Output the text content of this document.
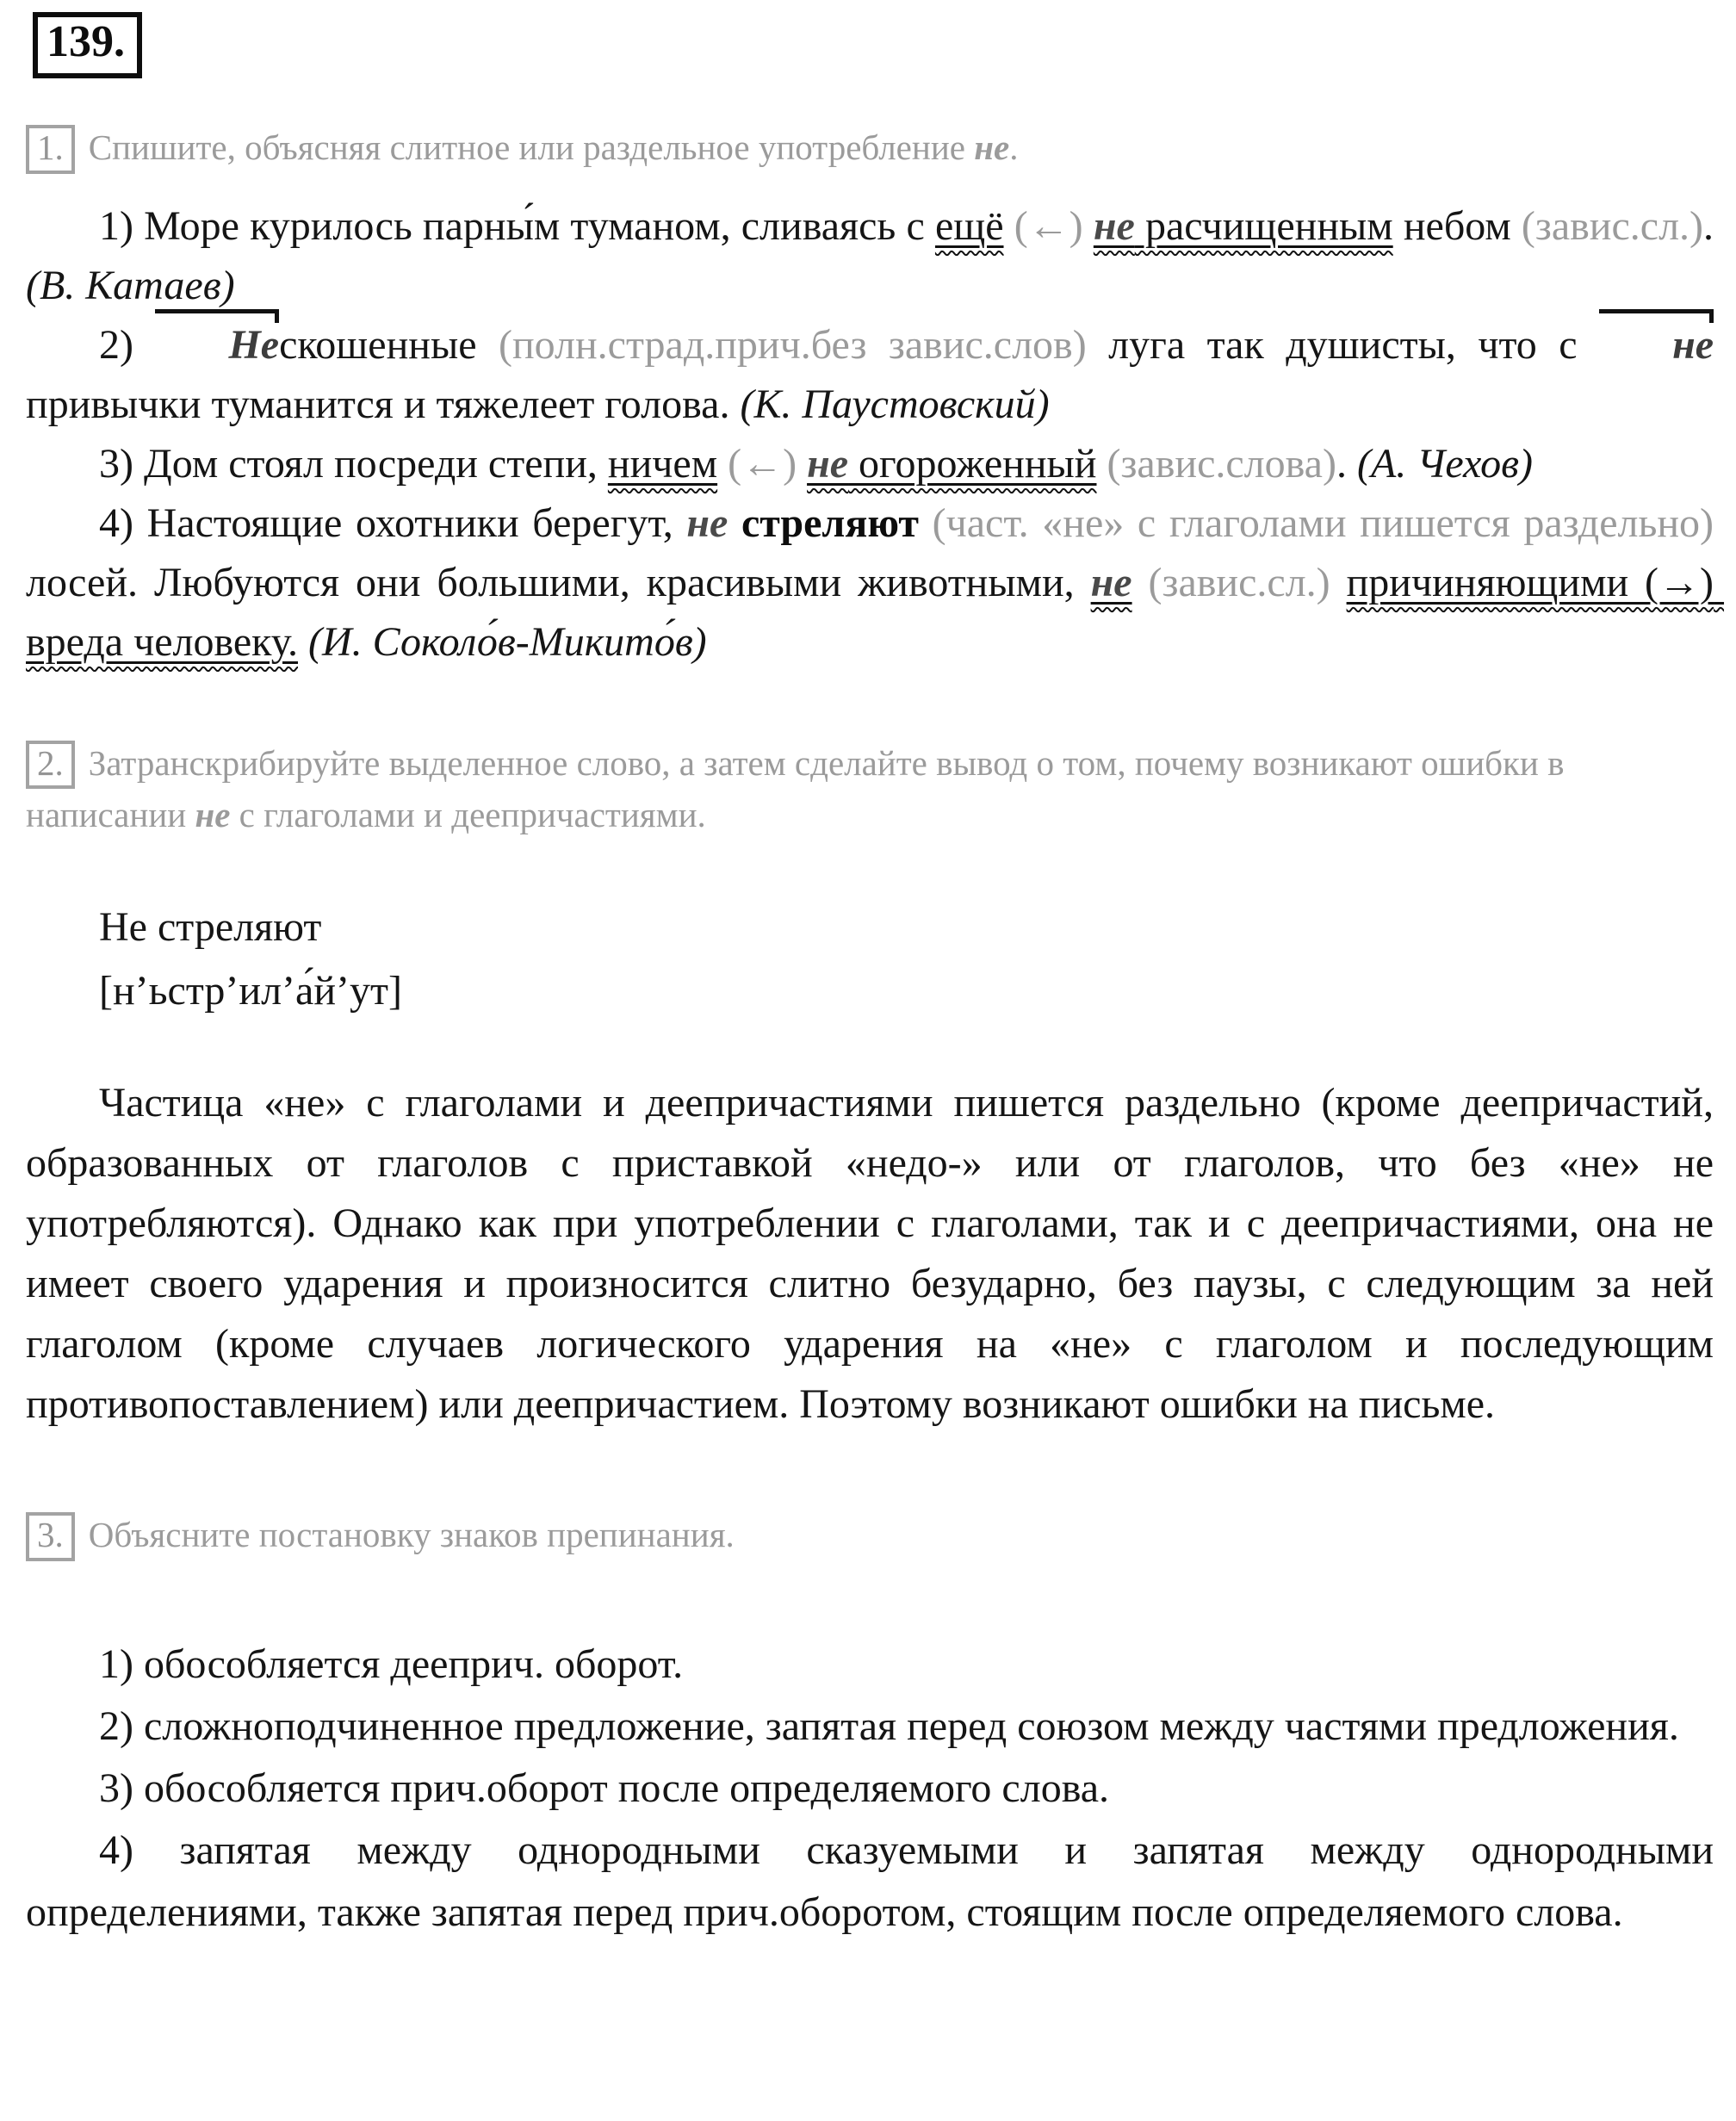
139.

1. Спишите, объясняя слитное или раздельное употребление не.

1) Море курилось парны́м туманом, сливаясь с ещё (←) не расчищенным небом (завис.сл.). (В. Катаев)

2) Нескошенные (полн.страд.прич.без завис.слов) луга так душисты, что с непривычки туманится и тяжелеет голова. (К. Паустовский)

3) Дом стоял посреди степи, ничем (←) не огороженный (завис.слова). (А. Чехов)

4) Настоящие охотники берегут, не стреляют (част. «не» с глаголами пишется раздельно) лосей. Любуются они большими, красивыми животными, не (завис.сл.) причиняющими (→) вреда человеку. (И. Соколо́в-Микито́в)

2. Затранскрибируйте выделенное слово, а затем сделайте вывод о том, почему возникают ошибки в написании не с глаголами и деепричастиями.

Не стреляют

[н’ьстр’ил’а́й’ут]

Частица «не» с глаголами и деепричастиями пишется раздельно (кроме деепричастий, образованных от глаголов с приставкой «недо-» или от глаголов, что без «не» не употребляются). Однако как при употреблении с глаголами, так и с деепричастиями, она не имеет своего ударения и произносится слитно безударно, без паузы, с следующим за ней глаголом (кроме случаев логического ударения на «не» с глаголом и последующим противопоставлением) или деепричастием. Поэтому возникают ошибки на письме.

3. Объясните постановку знаков препинания.

1) обособляется дееприч. оборот.

2) сложноподчиненное предложение, запятая перед союзом между частями предложения.

3) обособляется прич.оборот после определяемого слова.

4) запятая между однородными сказуемыми и запятая между однородными определениями, также запятая перед прич.оборотом, стоящим после определяемого слова.
